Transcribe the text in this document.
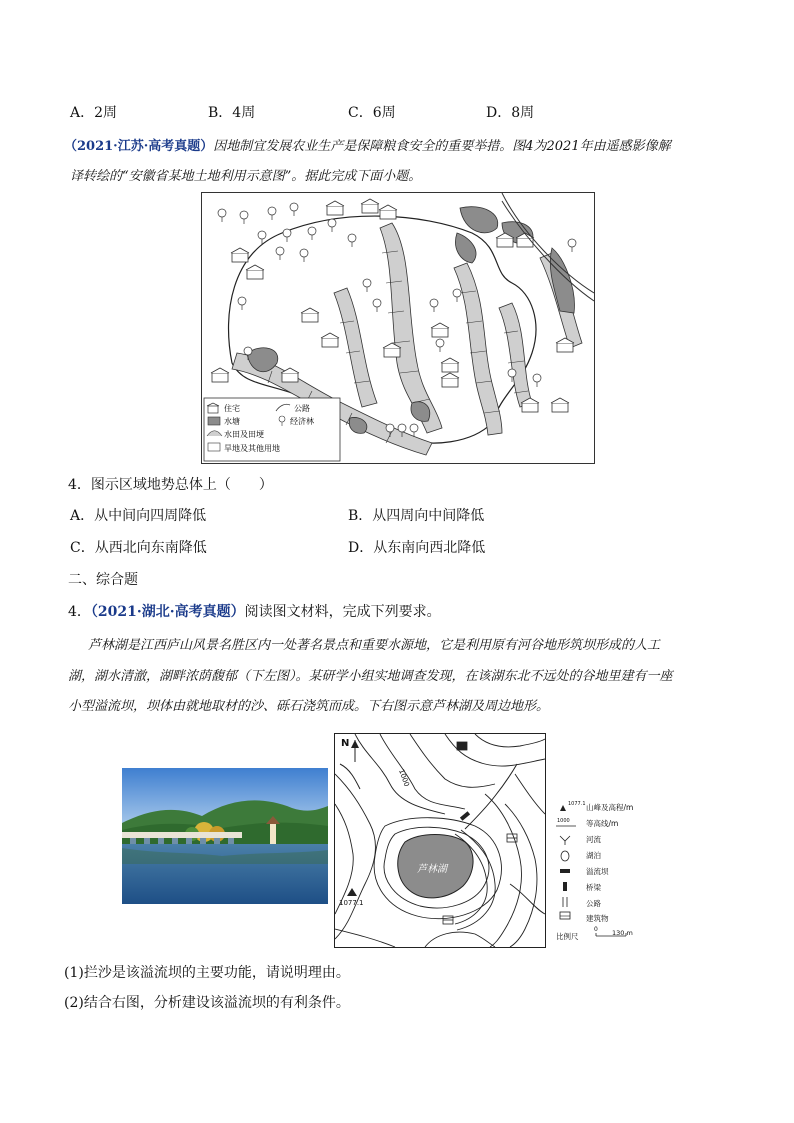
A．2周	B．4周	C．6周	D．8周
（2021·江苏·高考真题）因地制宜发展农业生产是保障粮食安全的重要举措。图4为2021年由遥感影像解
译转绘的“安徽省某地土地利用示意图”。据此完成下面小题。
住宅	公路
水塘	经济林
水田及田埂
旱地及其他用地
4．图示区域地势总体上（　　）
A．从中间向四周降低	B．从四周向中间降低
C．从西北向东南降低	D．从东南向西北降低
二、综合题
4．（2021·湖北·高考真题）阅读图文材料，完成下列要求。
芦林湖是江西庐山风景名胜区内一处著名景点和重要水源地，它是利用原有河谷地形筑坝形成的人工
湖，湖水清澈，湖畔浓荫馥郁（下左图）。某研学小组实地调查发现，在该湖东北不远处的谷地里建有一座
小型溢流坝，坝体由就地取材的沙、砾石浇筑而成。下右图示意芦林湖及周边地形。
N
1000
芦林湖
1077.1
1077.1 山峰及高程/m
1000 等高线/m
河流
湖泊
溢流坝
桥梁
公路
建筑物
比例尺
0 130 m
(1)拦沙是该溢流坝的主要功能，请说明理由。
(2)结合右图，分析建设该溢流坝的有利条件。
